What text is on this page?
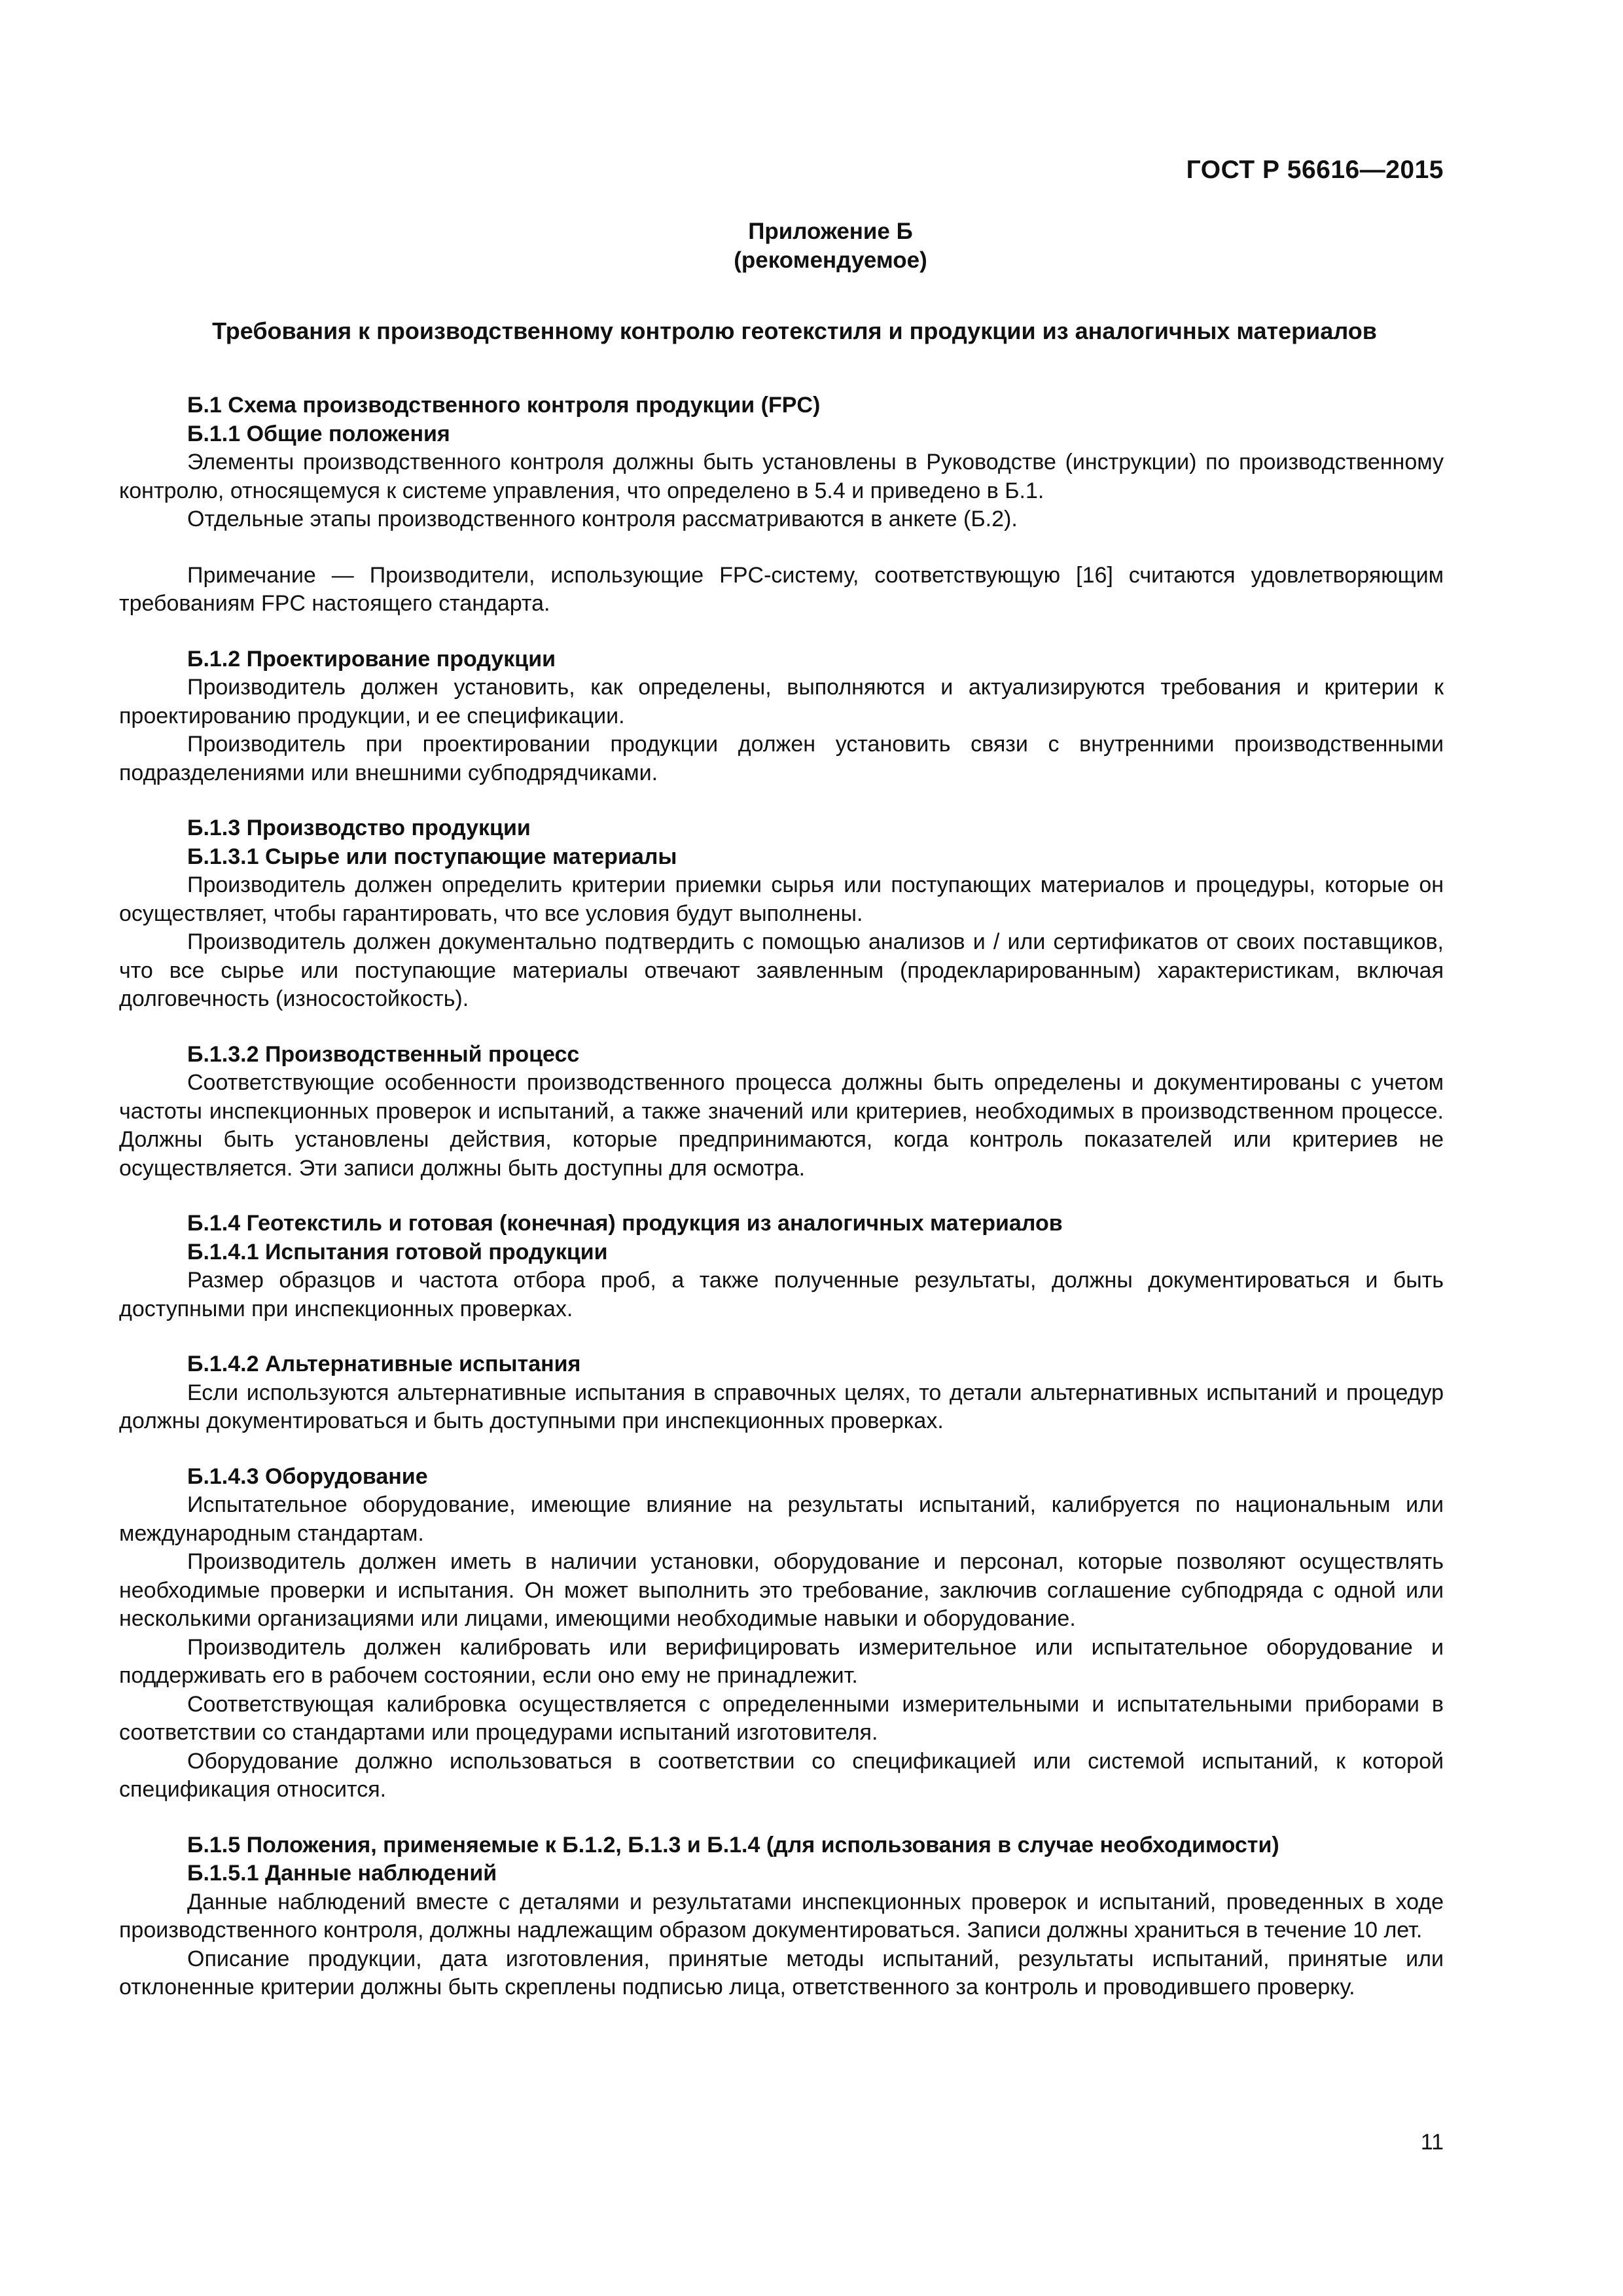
ГОСТ Р 56616—2015
Приложение Б
(рекомендуемое)
Требования к производственному контролю геотекстиля и продукции из аналогичных материалов
Б.1 Схема производственного контроля продукции (FPC)
Б.1.1 Общие положения

Элементы производственного контроля должны быть установлены в Руководстве (инструкции) по производственному контролю, относящемуся к системе управления, что определено в 5.4 и приведено в Б.1.

Отдельные этапы производственного контроля рассматриваются в анкете (Б.2).

Примечание — Производители, использующие FPC-систему, соответствующую [16] считаются удовлетворяющим требованиям FPC настоящего стандарта.

Б.1.2 Проектирование продукции

Производитель должен установить, как определены, выполняются и актуализируются требования и критерии к проектированию продукции, и ее спецификации.

Производитель при проектировании продукции должен установить связи с внутренними производственными подразделениями или внешними субподрядчиками.

Б.1.3 Производство продукции
Б.1.3.1 Сырье или поступающие материалы

Производитель должен определить критерии приемки сырья или поступающих материалов и процедуры, которые он осуществляет, чтобы гарантировать, что все условия будут выполнены.

Производитель должен документально подтвердить с помощью анализов и / или сертификатов от своих поставщиков, что все сырье или поступающие материалы отвечают заявленным (продекларированным) характеристикам, включая долговечность (износостойкость).

Б.1.3.2 Производственный процесс

Соответствующие особенности производственного процесса должны быть определены и документированы с учетом частоты инспекционных проверок и испытаний, а также значений или критериев, необходимых в производственном процессе. Должны быть установлены действия, которые предпринимаются, когда контроль показателей или критериев не осуществляется. Эти записи должны быть доступны для осмотра.

Б.1.4 Геотекстиль и готовая (конечная) продукция из аналогичных материалов
Б.1.4.1 Испытания готовой продукции

Размер образцов и частота отбора проб, а также полученные результаты, должны документироваться и быть доступными при инспекционных проверках.

Б.1.4.2 Альтернативные испытания

Если используются альтернативные испытания в справочных целях, то детали альтернативных испытаний и процедур должны документироваться и быть доступными при инспекционных проверках.

Б.1.4.3 Оборудование

Испытательное оборудование, имеющие влияние на результаты испытаний, калибруется по национальным или международным стандартам.

Производитель должен иметь в наличии установки, оборудование и персонал, которые позволяют осуществлять необходимые проверки и испытания. Он может выполнить это требование, заключив соглашение субподряда с одной или несколькими организациями или лицами, имеющими необходимые навыки и оборудование.

Производитель должен калибровать или верифицировать измерительное или испытательное оборудование и поддерживать его в рабочем состоянии, если оно ему не принадлежит.

Соответствующая калибровка осуществляется с определенными измерительными и испытательными приборами в соответствии со стандартами или процедурами испытаний изготовителя.

Оборудование должно использоваться в соответствии со спецификацией или системой испытаний, к которой спецификация относится.

Б.1.5 Положения, применяемые к Б.1.2, Б.1.3 и Б.1.4 (для использования в случае необходимости)
Б.1.5.1 Данные наблюдений

Данные наблюдений вместе с деталями и результатами инспекционных проверок и испытаний, проведенных в ходе производственного контроля, должны надлежащим образом документироваться. Записи должны храниться в течение 10 лет.

Описание продукции, дата изготовления, принятые методы испытаний, результаты испытаний, принятые или отклоненные критерии должны быть скреплены подписью лица, ответственного за контроль и проводившего проверку.

11
